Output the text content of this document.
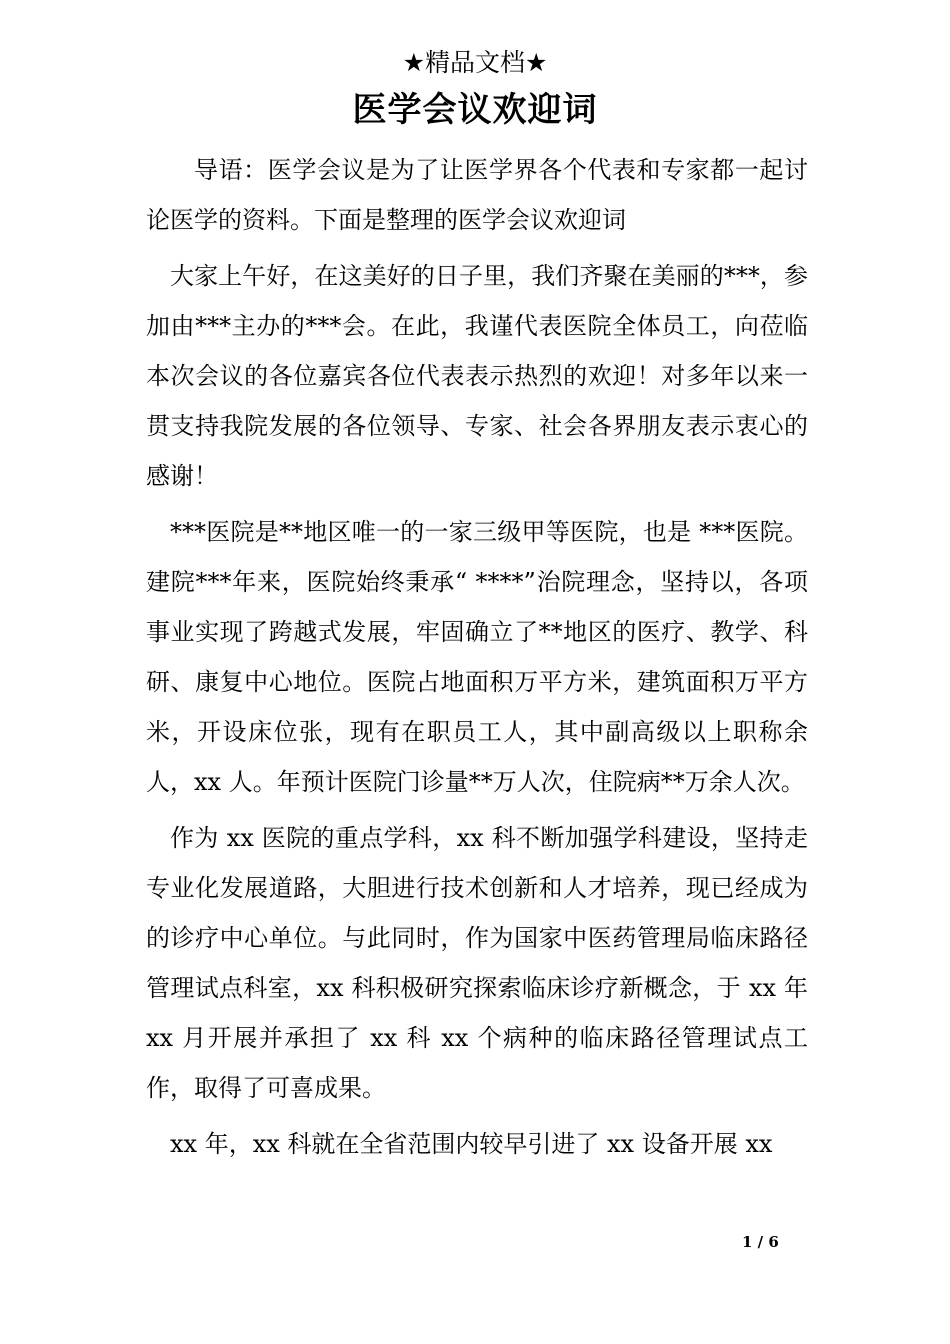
★精品文档★
医学会议欢迎词

导语：医学会议是为了让医学界各个代表和专家都一起讨论医学的资料。下面是整理的医学会议欢迎词

大家上午好，在这美好的日子里，我们齐聚在美丽的***，参加由***主办的***会。在此，我谨代表医院全体员工，向莅临本次会议的各位嘉宾各位代表表示热烈的欢迎！对多年以来一贯支持我院发展的各位领导、专家、社会各界朋友表示衷心的感谢！

***医院是**地区唯一的一家三级甲等医院，也是 ***医院。建院***年来，医院始终秉承“ ****”治院理念，坚持以，各项事业实现了跨越式发展，牢固确立了**地区的医疗、教学、科研、康复中心地位。医院占地面积万平方米，建筑面积万平方米，开设床位张，现有在职员工人，其中副高级以上职称余人，xx 人。年预计医院门诊量**万人次，住院病**万余人次。

作为 xx 医院的重点学科，xx 科不断加强学科建设，坚持走专业化发展道路，大胆进行技术创新和人才培养，现已经成为的诊疗中心单位。与此同时，作为国家中医药管理局临床路径管理试点科室，xx 科积极研究探索临床诊疗新概念，于 xx 年 xx 月开展并承担了 xx 科 xx 个病种的临床路径管理试点工作，取得了可喜成果。

xx 年，xx 科就在全省范围内较早引进了 xx 设备开展 xx

1 / 6
